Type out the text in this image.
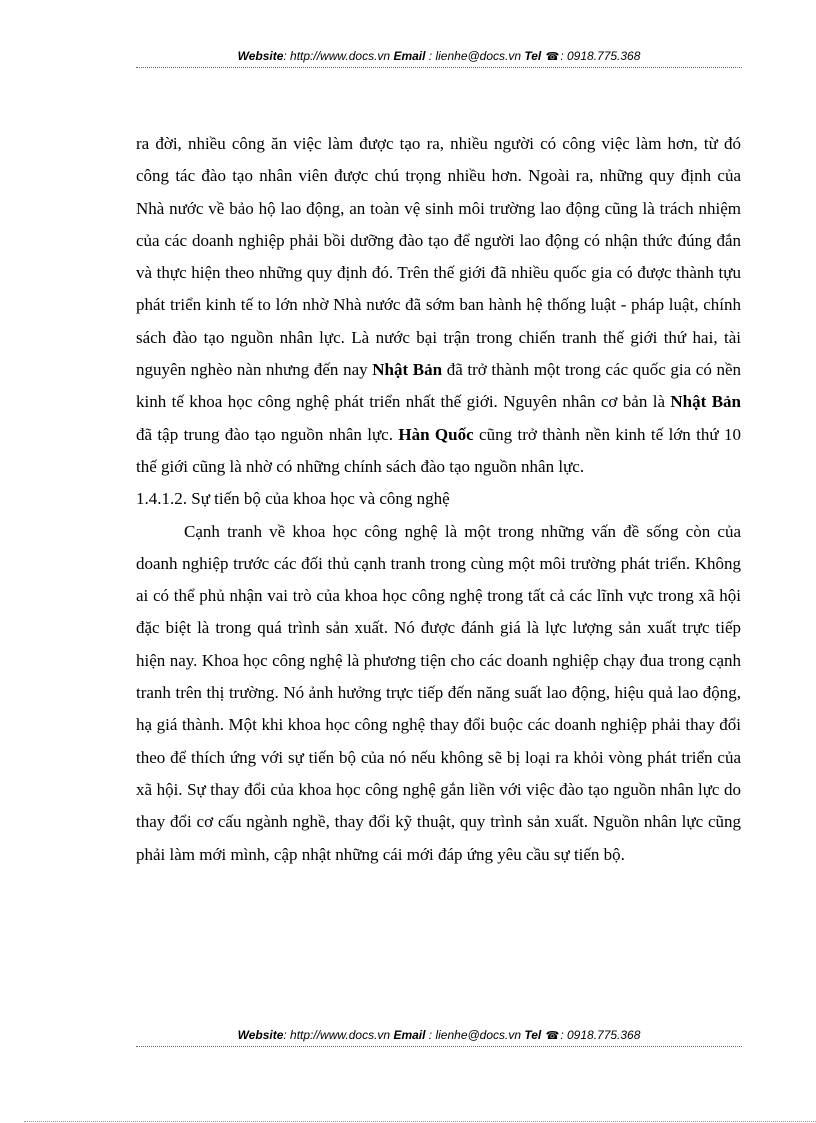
Website: http://www.docs.vn Email : lienhe@docs.vn Tel ☎: 0918.775.368

ra đời, nhiều công ăn việc làm được tạo ra, nhiều người có công việc làm hơn, từ đó công tác đào tạo nhân viên được chú trọng nhiều hơn. Ngoài ra, những quy định của Nhà nước về bảo hộ lao động, an toàn vệ sinh môi trường lao động cũng là trách nhiệm của các doanh nghiệp phải bồi dưỡng đào tạo để người lao động có nhận thức đúng đắn và thực hiện theo những quy định đó. Trên thế giới đã nhiều quốc gia có được thành tựu phát triển kinh tế to lớn nhờ Nhà nước đã sớm ban hành hệ thống luật - pháp luật, chính sách đào tạo nguồn nhân lực. Là nước bại trận trong chiến tranh thế giới thứ hai, tài nguyên nghèo nàn nhưng đến nay Nhật Bản đã trở thành một trong các quốc gia có nền kinh tế khoa học công nghệ phát triển nhất thế giới. Nguyên nhân cơ bản là Nhật Bản đã tập trung đào tạo nguồn nhân lực. Hàn Quốc cũng trở thành nền kinh tế lớn thứ 10 thế giới cũng là nhờ có những chính sách đào tạo nguồn nhân lực.

1.4.1.2. Sự tiến bộ của khoa học và công nghệ

Cạnh tranh về khoa học công nghệ là một trong những vấn đề sống còn của doanh nghiệp trước các đối thủ cạnh tranh trong cùng một môi trường phát triển. Không ai có thể phủ nhận vai trò của khoa học công nghệ trong tất cả các lĩnh vực trong xã hội đặc biệt là trong quá trình sản xuất. Nó được đánh giá là lực lượng sản xuất trực tiếp hiện nay. Khoa học công nghệ là phương tiện cho các doanh nghiệp chạy đua trong cạnh tranh trên thị trường. Nó ảnh hưởng trực tiếp đến năng suất lao động, hiệu quả lao động, hạ giá thành. Một khi khoa học công nghệ thay đổi buộc các doanh nghiệp phải thay đổi theo để thích ứng với sự tiến bộ của nó nếu không sẽ bị loại ra khỏi vòng phát triển của xã hội. Sự thay đổi của khoa học công nghệ gắn liền với việc đào tạo nguồn nhân lực do thay đổi cơ cấu ngành nghề, thay đổi kỹ thuật, quy trình sản xuất. Nguồn nhân lực cũng phải làm mới mình, cập nhật những cái mới đáp ứng yêu cầu sự tiến bộ.

Website: http://www.docs.vn Email : lienhe@docs.vn Tel ☎: 0918.775.368
